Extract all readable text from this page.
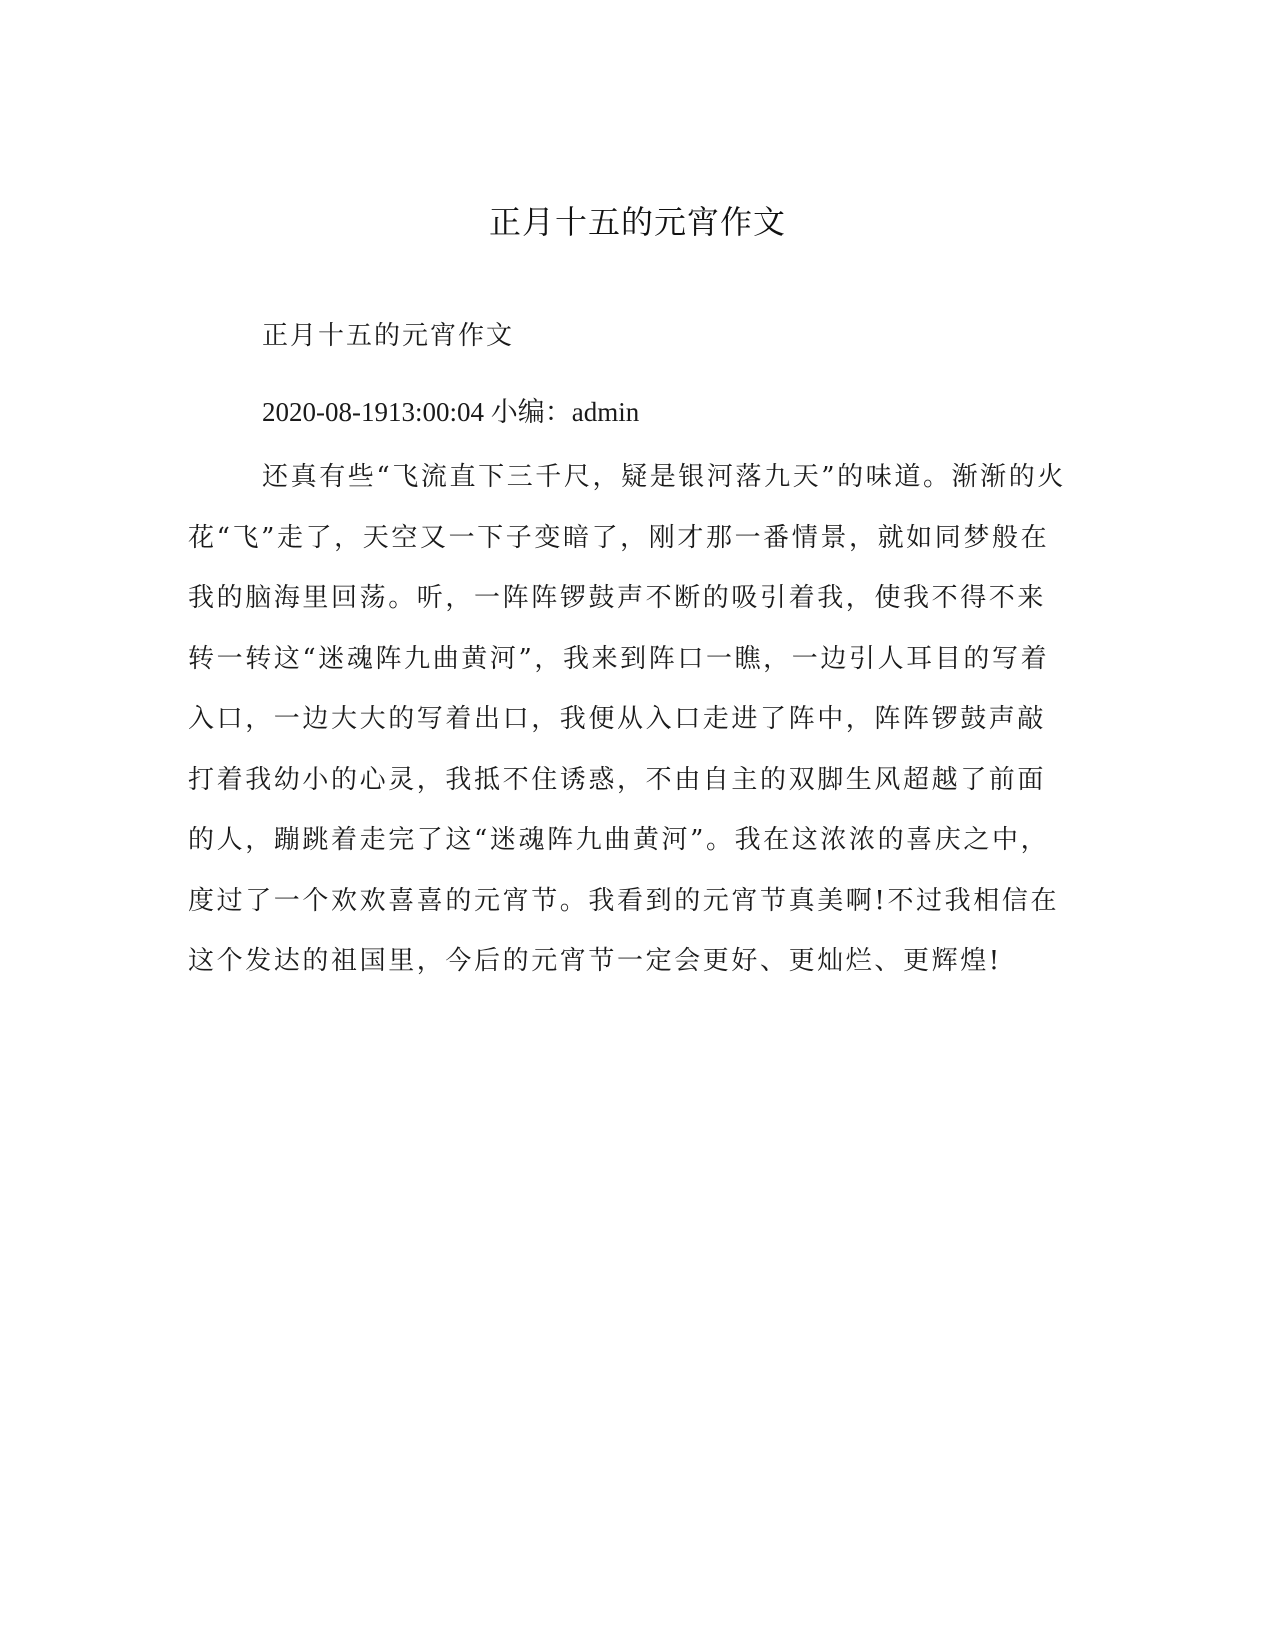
正月十五的元宵作文
正月十五的元宵作文
2020-08-1913:00:04 小编：admin

还真有些“飞流直下三千尺，疑是银河落九天”的味道。渐渐的火花“飞”走了，天空又一下子变暗了，刚才那一番情景，就如同梦般在我的脑海里回荡。听，一阵阵锣鼓声不断的吸引着我，使我不得不来转一转这“迷魂阵九曲黄河”，我来到阵口一瞧，一边引人耳目的写着入口，一边大大的写着出口，我便从入口走进了阵中，阵阵锣鼓声敲打着我幼小的心灵，我抵不住诱惑，不由自主的双脚生风超越了前面的人，蹦跳着走完了这“迷魂阵九曲黄河”。我在这浓浓的喜庆之中，度过了一个欢欢喜喜的元宵节。我看到的元宵节真美啊!不过我相信在这个发达的祖国里，今后的元宵节一定会更好、更灿烂、更辉煌!
